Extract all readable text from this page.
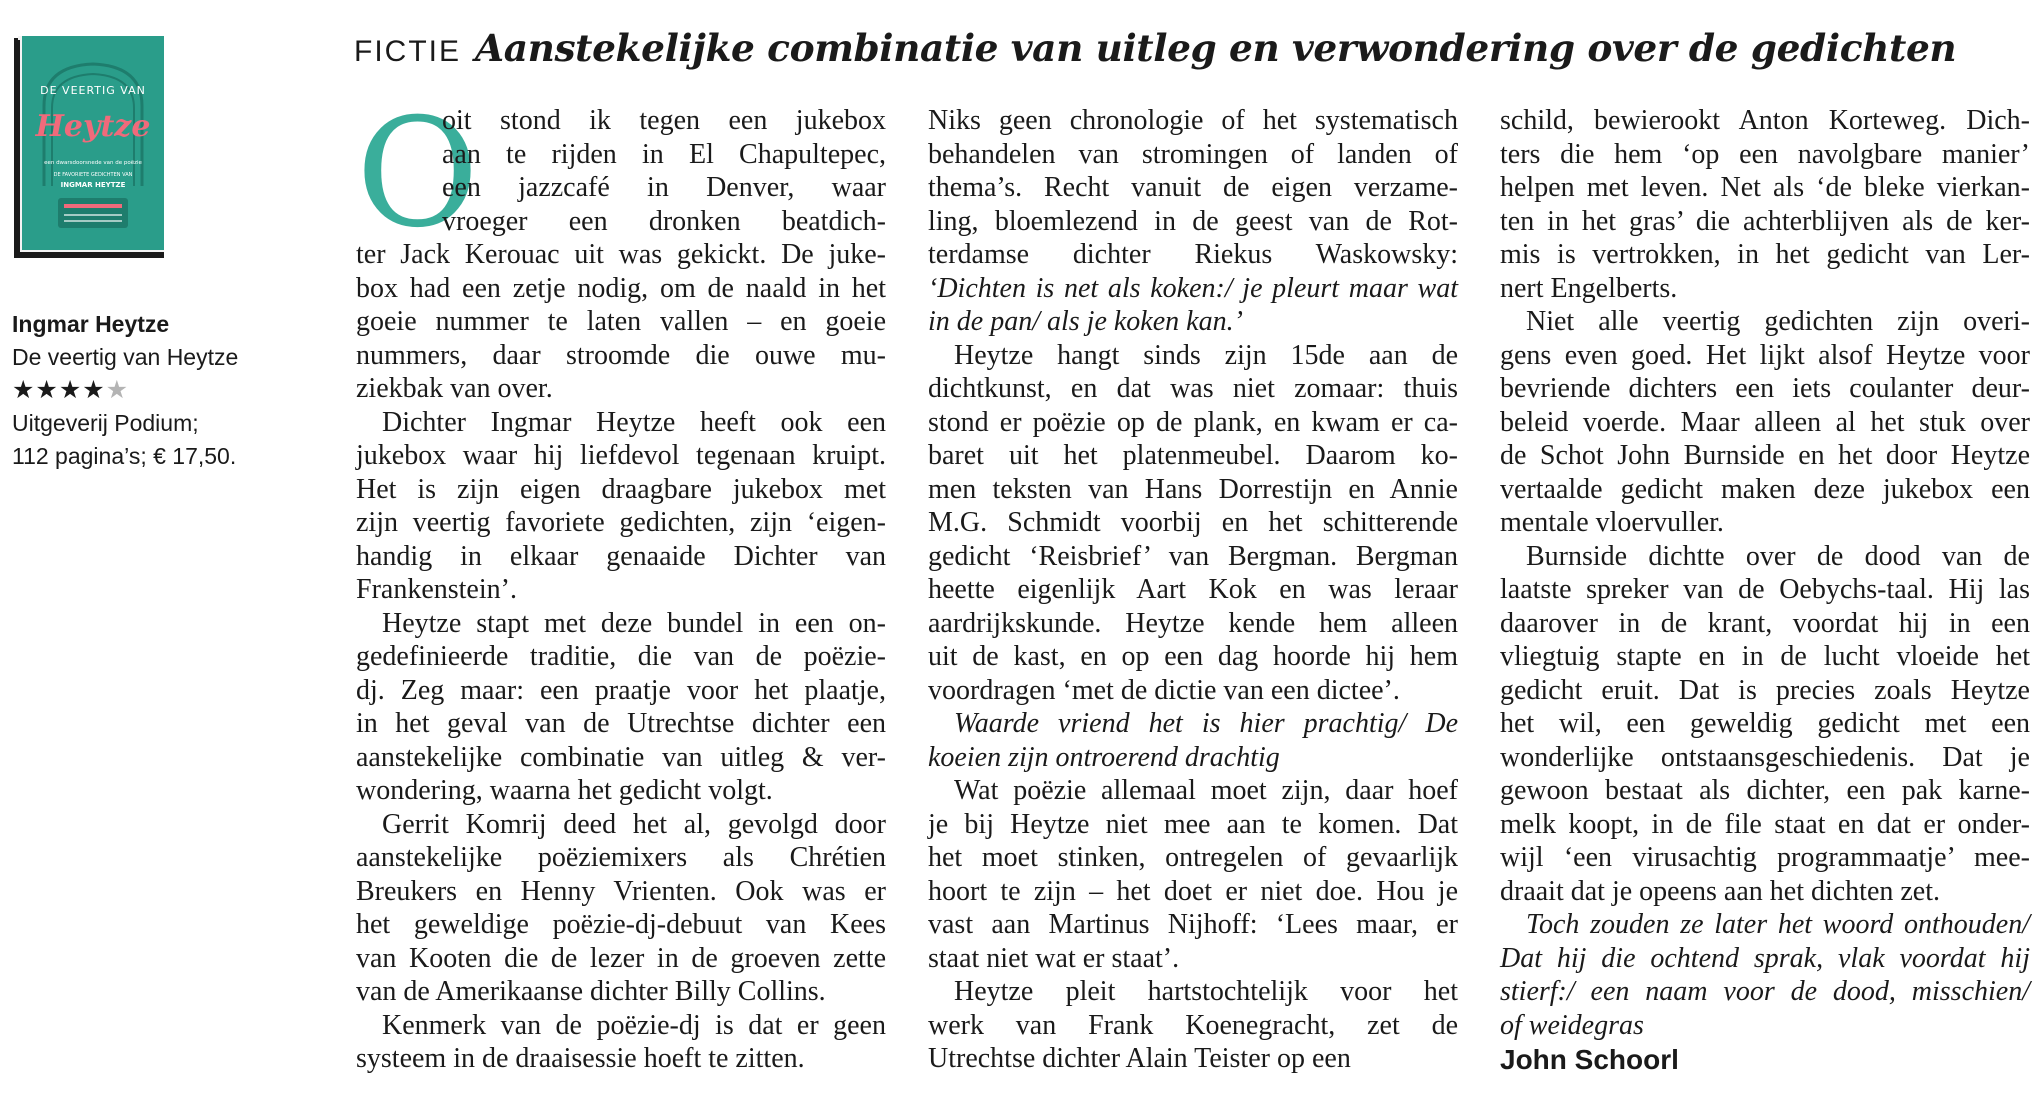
DE VEERTIG VAN
Heytze
een dwarsdoorsnede van de poëzie
DE FAVORIETE GEDICHTEN VAN
INGMAR HEYTZE
Ingmar Heytze
De veertig van Heytze
★★★★★
Uitgeverij Podium;
112 pagina’s; € 17,50.
FICTIE Aanstekelijke combinatie van uitleg en verwondering over de gedichten
O
oit stond ik tegen een jukebox
aan te rijden in El Chapultepec,
een jazzcafé in Denver, waar
vroeger een dronken beatdich-
ter Jack Kerouac uit was gekickt. De juke-
box had een zetje nodig, om de naald in het
goeie nummer te laten vallen – en goeie
nummers, daar stroomde die ouwe mu-
ziekbak van over.
Dichter Ingmar Heytze heeft ook een
jukebox waar hij liefdevol tegenaan kruipt.
Het is zijn eigen draagbare jukebox met
zijn veertig favoriete gedichten, zijn ‘eigen-
handig in elkaar genaaide Dichter van
Frankenstein’.
Heytze stapt met deze bundel in een on-
gedefinieerde traditie, die van de poëzie-
dj. Zeg maar: een praatje voor het plaatje,
in het geval van de Utrechtse dichter een
aanstekelijke combinatie van uitleg & ver-
wondering, waarna het gedicht volgt.
Gerrit Komrij deed het al, gevolgd door
aanstekelijke poëziemixers als Chrétien
Breukers en Henny Vrienten. Ook was er
het geweldige poëzie-dj-debuut van Kees
van Kooten die de lezer in de groeven zette
van de Amerikaanse dichter Billy Collins.
Kenmerk van de poëzie-dj is dat er geen
systeem in de draaisessie hoeft te zitten.
Niks geen chronologie of het systematisch
behandelen van stromingen of landen of
thema’s. Recht vanuit de eigen verzame-
ling, bloemlezend in de geest van de Rot-
terdamse dichter Riekus Waskowsky:
‘Dichten is net als koken:/ je pleurt maar wat
in de pan/ als je koken kan.’
Heytze hangt sinds zijn 15de aan de
dichtkunst, en dat was niet zomaar: thuis
stond er poëzie op de plank, en kwam er ca-
baret uit het platenmeubel. Daarom ko-
men teksten van Hans Dorrestijn en Annie
M.G. Schmidt voorbij en het schitterende
gedicht ‘Reisbrief’ van Bergman. Bergman
heette eigenlijk Aart Kok en was leraar
aardrijkskunde. Heytze kende hem alleen
uit de kast, en op een dag hoorde hij hem
voordragen ‘met de dictie van een dictee’.
Waarde vriend het is hier prachtig/ De
koeien zijn ontroerend drachtig
Wat poëzie allemaal moet zijn, daar hoef
je bij Heytze niet mee aan te komen. Dat
het moet stinken, ontregelen of gevaarlijk
hoort te zijn – het doet er niet doe. Hou je
vast aan Martinus Nijhoff: ‘Lees maar, er
staat niet wat er staat’.
Heytze pleit hartstochtelijk voor het
werk van Frank Koenegracht, zet de
Utrechtse dichter Alain Teister op een
schild, bewierookt Anton Korteweg. Dich-
ters die hem ‘op een navolgbare manier’
helpen met leven. Net als ‘de bleke vierkan-
ten in het gras’ die achterblijven als de ker-
mis is vertrokken, in het gedicht van Ler-
nert Engelberts.
Niet alle veertig gedichten zijn overi-
gens even goed. Het lijkt alsof Heytze voor
bevriende dichters een iets coulanter deur-
beleid voerde. Maar alleen al het stuk over
de Schot John Burnside en het door Heytze
vertaalde gedicht maken deze jukebox een
mentale vloervuller.
Burnside dichtte over de dood van de
laatste spreker van de Oebychs-taal. Hij las
daarover in de krant, voordat hij in een
vliegtuig stapte en in de lucht vloeide het
gedicht eruit. Dat is precies zoals Heytze
het wil, een geweldig gedicht met een
wonderlijke ontstaansgeschiedenis. Dat je
gewoon bestaat als dichter, een pak karne-
melk koopt, in de file staat en dat er onder-
wijl ‘een virusachtig programmaatje’ mee-
draait dat je opeens aan het dichten zet.
Toch zouden ze later het woord onthouden/
Dat hij die ochtend sprak, vlak voordat hij
stierf:/ een naam voor de dood, misschien/
of weidegras
John Schoorl
